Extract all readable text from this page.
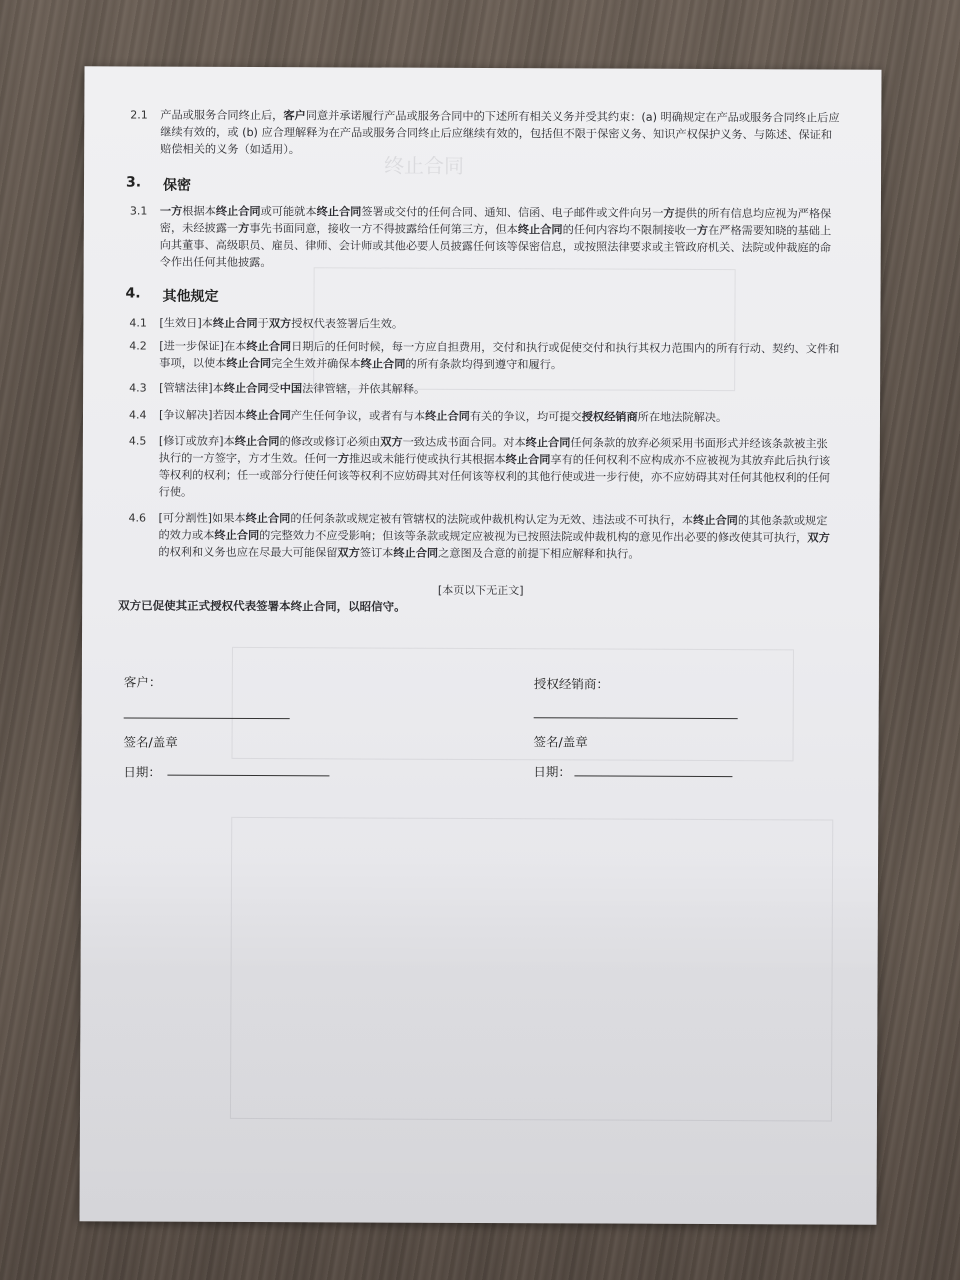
终止合同
2.1 产品或服务合同终止后，客户同意并承诺履行产品或服务合同中的下述所有相关义务并受其约束：(a) 明确规定在产品或服务合同终止后应继续有效的，或 (b) 应合理解释为在产品或服务合同终止后应继续有效的，包括但不限于保密义务、知识产权保护义务、与陈述、保证和赔偿相关的义务（如适用）。
3. 保密
3.1 一方根据本终止合同或可能就本终止合同签署或交付的任何合同、通知、信函、电子邮件或文件向另一方提供的所有信息均应视为严格保密，未经披露一方事先书面同意，接收一方不得披露给任何第三方，但本终止合同的任何内容均不限制接收一方在严格需要知晓的基础上向其董事、高级职员、雇员、律师、会计师或其他必要人员披露任何该等保密信息，或按照法律要求或主管政府机关、法院或仲裁庭的命令作出任何其他披露。
4. 其他规定
4.1 [生效日]本终止合同于双方授权代表签署后生效。
4.2 [进一步保证]在本终止合同日期后的任何时候，每一方应自担费用，交付和执行或促使交付和执行其权力范围内的所有行动、契约、文件和事项，以使本终止合同完全生效并确保本终止合同的所有条款均得到遵守和履行。
4.3 [管辖法律]本终止合同受中国法律管辖，并依其解释。
4.4 [争议解决]若因本终止合同产生任何争议，或者有与本终止合同有关的争议，均可提交授权经销商所在地法院解决。
4.5 [修订或放弃]本终止合同的修改或修订必须由双方一致达成书面合同。对本终止合同任何条款的放弃必须采用书面形式并经该条款被主张执行的一方签字，方才生效。任何一方推迟或未能行使或执行其根据本终止合同享有的任何权利不应构成亦不应被视为其放弃此后执行该等权利的权利；任一或部分行使任何该等权利不应妨碍其对任何该等权利的其他行使或进一步行使，亦不应妨碍其对任何其他权利的任何行使。
4.6 [可分割性]如果本终止合同的任何条款或规定被有管辖权的法院或仲裁机构认定为无效、违法或不可执行，本终止合同的其他条款或规定的效力或本终止合同的完整效力不应受影响；但该等条款或规定应被视为已按照法院或仲裁机构的意见作出必要的修改使其可执行，双方的权利和义务也应在尽最大可能保留双方签订本终止合同之意图及合意的前提下相应解释和执行。
[本页以下无正文]
双方已促使其正式授权代表签署本终止合同，以昭信守。
客户：
签名/盖章
日期：
授权经销商：
签名/盖章
日期：
